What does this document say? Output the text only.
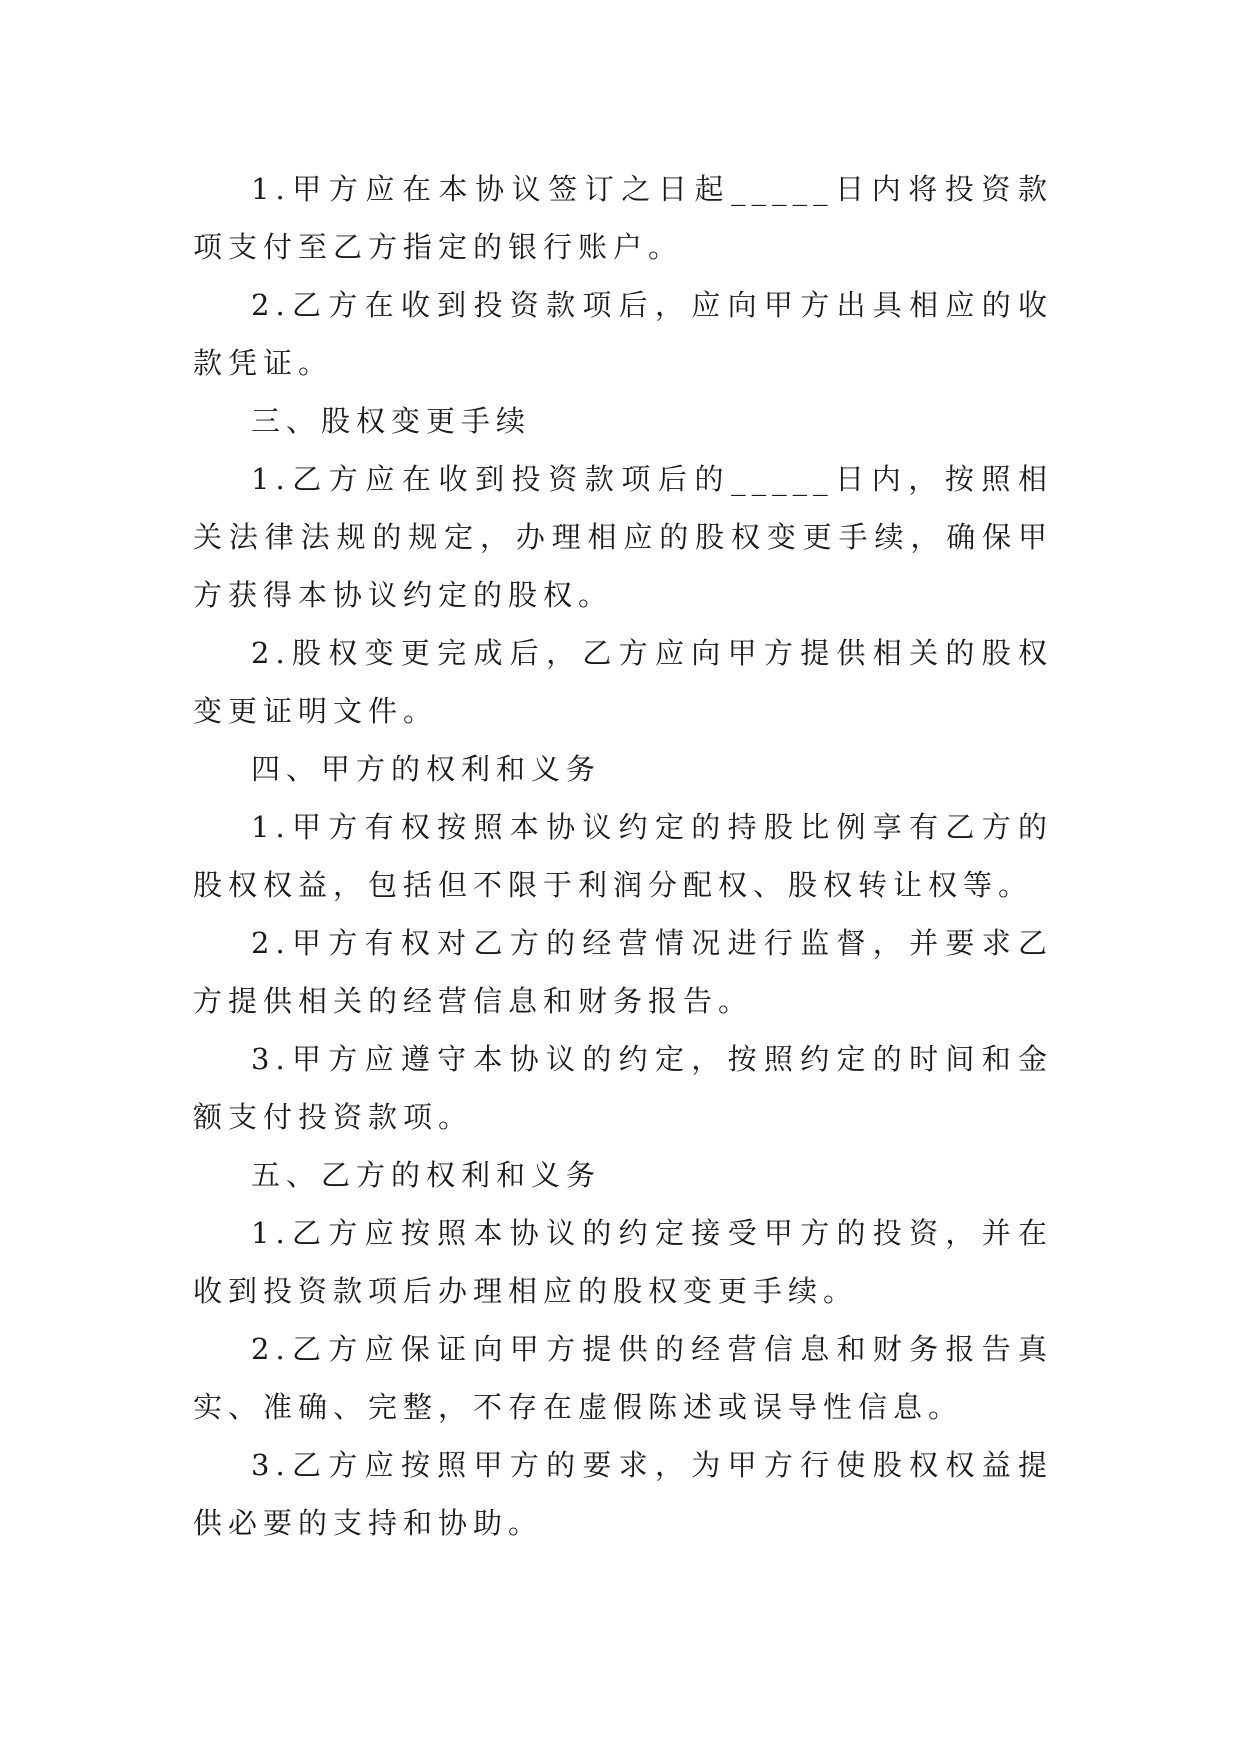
1.甲方应在本协议签订之日起_____日内将投资款项支付至乙方指定的银行账户。

2.乙方在收到投资款项后，应向甲方出具相应的收款凭证。

三、股权变更手续

1.乙方应在收到投资款项后的_____日内，按照相关法律法规的规定，办理相应的股权变更手续，确保甲方获得本协议约定的股权。

2.股权变更完成后，乙方应向甲方提供相关的股权变更证明文件。

四、甲方的权利和义务

1.甲方有权按照本协议约定的持股比例享有乙方的股权权益，包括但不限于利润分配权、股权转让权等。

2.甲方有权对乙方的经营情况进行监督，并要求乙方提供相关的经营信息和财务报告。

3.甲方应遵守本协议的约定，按照约定的时间和金额支付投资款项。

五、乙方的权利和义务

1.乙方应按照本协议的约定接受甲方的投资，并在收到投资款项后办理相应的股权变更手续。

2.乙方应保证向甲方提供的经营信息和财务报告真实、准确、完整，不存在虚假陈述或误导性信息。

3.乙方应按照甲方的要求，为甲方行使股权权益提供必要的支持和协助。
